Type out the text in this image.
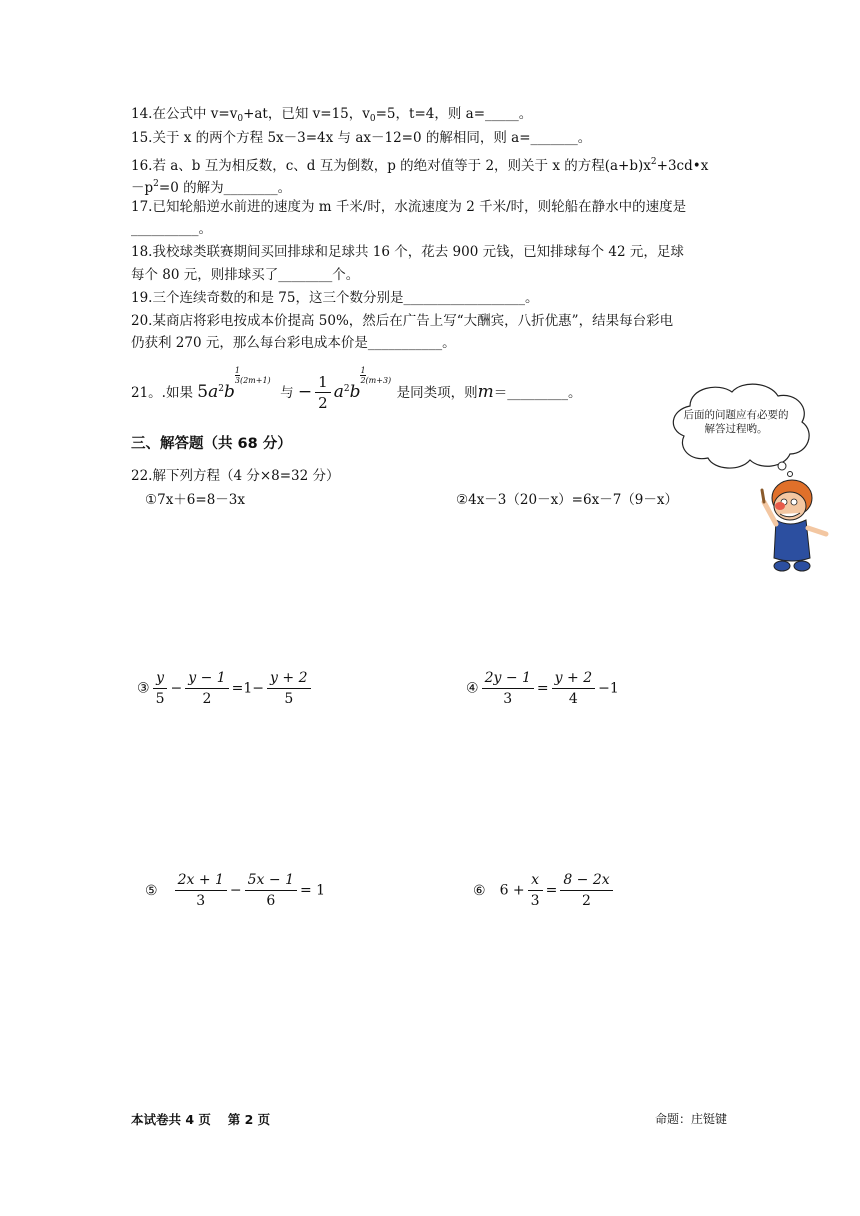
14.在公式中 $v=v_0+at$，已知 v=15，$v_0=5$，t=4，则 a=_____。
15.关于 x 的两个方程 5x－3=4x 与 ax－12=0 的解相同，则 a=_______。
16.若 a、b 互为相反数，c、d 互为倒数，p 的绝对值等于 2，则关于 x 的方程$(a+b)x^2+3cd•x$
$-p^2=0$ 的解为________。
17.已知轮船逆水前进的速度为 m 千米/时，水流速度为 2 千米/时，则轮船在静水中的速度是
__________。
18.我校球类联赛期间买回排球和足球共 16 个，花去 900 元钱，已知排球每个 42 元，足球
每个 80 元，则排球买了________个。
19.三个连续奇数的和是 75，这三个数分别是__________________。
20.某商店将彩电按成本价提高 50%，然后在广告上写“大酬宾，八折优惠”，结果每台彩电
仍获利 270 元，那么每台彩电成本价是___________。
21。.如果 $5a^2b$
$\frac{1}{3} (2m+1)$ 与 − $\frac{1}{2} a^2b$
$\frac{1}{2} (m+3)$ 是同类项，则m＝_________。
三、解答题（共 68 分）
22.解下列方程（4 分×8=32 分）
①7x＋6=8－3x	②4x－3（20－x）=6x－7（9－x）
③ $\frac{y}{5} - \frac{y - 1}{2} =1- \frac{y + 2}{5}$	④ $\frac{2y - 1}{3} = \frac{y + 2}{4} -1$
⑤ $\frac{2x + 1}{3} - \frac{5x - 1}{6} = 1$	⑥ $6 + \frac{x}{3} = \frac{8 - 2x}{2}$
后面的问题应有必要的解答过程哟。
本试卷共 4 页　 第 2 页	命题：庄铤键
